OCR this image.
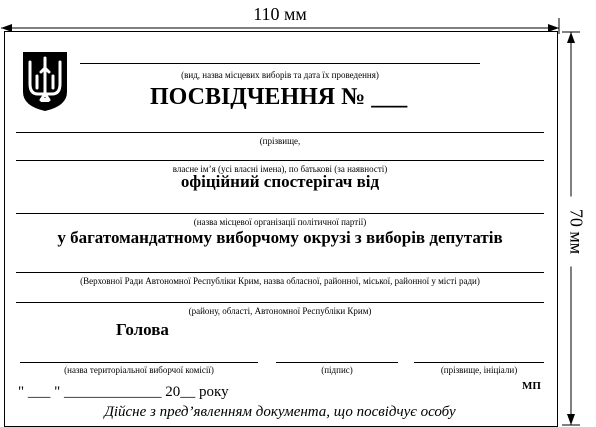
110 мм
70 мм
(вид, назва місцевих виборів та дата їх проведення)
ПОСВІДЧЕННЯ № ___
(прізвище,
власне ім’я (усі власні імена), по батькові (за наявності)
офіційний спостерігач від
(назва місцевої організації політичної партії)
у багатомандатному виборчому окрузі з виборів депутатів
(Верховної Ради Автономної Республіки Крим, назва обласної, районної, міської, районної у місті ради)
(району, області, Автономної Республіки Крим)
Голова
(назва територіальної виборчої комісії)	(підпис)	(прізвище, ініціали)
" ___ " _____________ 20__ року	МП
Дійсне з пред’явленням документа, що посвідчує особу
